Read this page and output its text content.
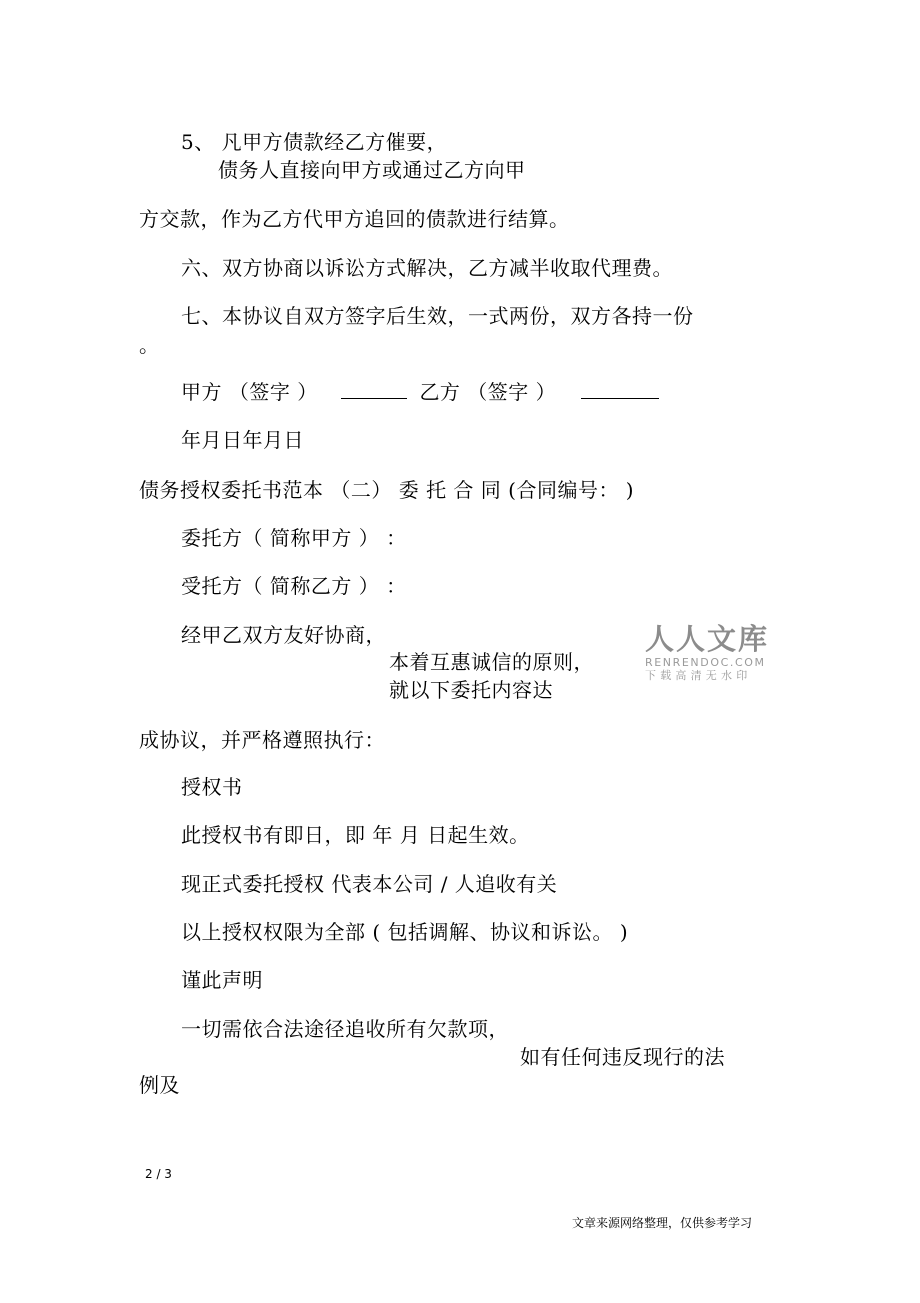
5、 凡甲方债款经乙方催要，
债务人直接向甲方或通过乙方向甲
方交款，作为乙方代甲方追回的债款进行结算。
六、双方协商以诉讼方式解决，乙方减半收取代理费。
七、本协议自双方签字后生效，一式两份，双方各持一份
。
甲方 （签字 ）	乙方 （签字 ）
年月日年月日
债务授权委托书范本 （二） 委 托 合 同 (合同编号： )
委托方（ 简称甲方 ） ：
受托方（ 简称乙方 ） ：
经甲乙双方友好协商，
本着互惠诚信的原则，
就以下委托内容达
成协议，并严格遵照执行：
授权书
此授权书有即日，即 年 月 日起生效。
现正式委托授权 代表本公司 / 人追收有关
以上授权权限为全部 ( 包括调解、协议和诉讼。 )
谨此声明
一切需依合法途径追收所有欠款项，
如有任何违反现行的法
例及
人人文库
RENRENDOC.COM
下载高清无水印
2 / 3
文章来源网络整理，仅供参考学习
